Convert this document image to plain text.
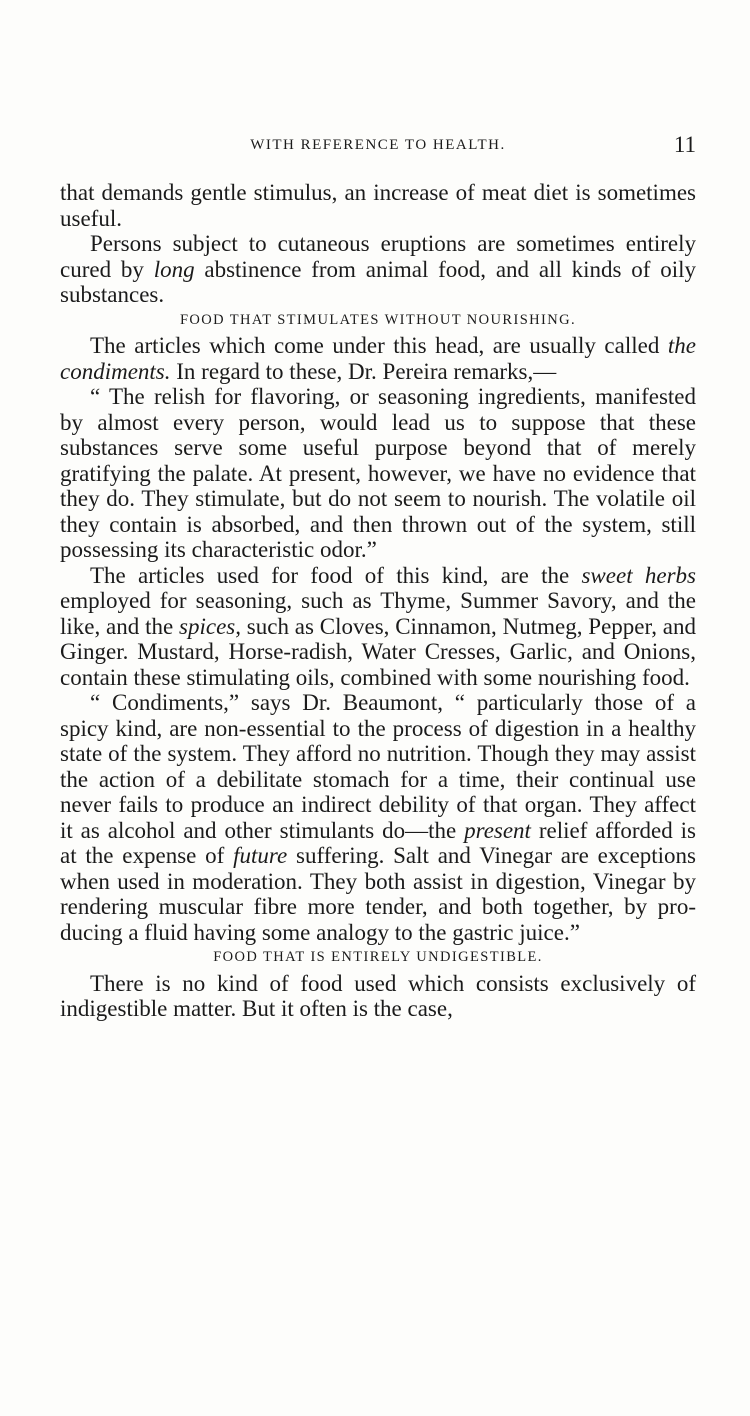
WITH REFERENCE TO HEALTH.	11

that demands gentle stimulus, an increase of meat diet is sometimes useful.

Persons subject to cutaneous eruptions are sometimes entirely cured by long abstinence from animal food, and all kinds of oily substances.

FOOD THAT STIMULATES WITHOUT NOURISHING.

The articles which come under this head, are usually called the condiments. In regard to these, Dr. Pereira remarks,—

“ The relish for flavoring, or seasoning ingredients, manifested by almost every person, would lead us to suppose that these substances serve some useful purpose beyond that of merely gratifying the palate. At present, however, we have no evidence that they do. They stimulate, but do not seem to nourish. The volatile oil they contain is absorbed, and then thrown out of the system, still possessing its characteristic odor.”

The articles used for food of this kind, are the sweet herbs employed for seasoning, such as Thyme, Summer Savory, and the like, and the spices, such as Cloves, Cinnamon, Nutmeg, Pepper, and Ginger. Mustard, Horse-radish, Water Cresses, Garlic, and Onions, contain these stimulating oils, combined with some nourishing food.

“ Condiments,” says Dr. Beaumont, “ particularly those of a spicy kind, are non-essential to the process of digestion in a healthy state of the system. They afford no nutrition. Though they may assist the action of a debilitate stomach for a time, their continual use never fails to produce an indirect debility of that organ. They affect it as alcohol and other stimulants do—the present relief afforded is at the expense of future suffering. Salt and Vinegar are exceptions when used in moderation. They both assist in digestion, Vinegar by rendering muscular fibre more tender, and both together, by producing a fluid having some analogy to the gastric juice.”

FOOD THAT IS ENTIRELY UNDIGESTIBLE.

There is no kind of food used which consists exclusively of indigestible matter. But it often is the case,
